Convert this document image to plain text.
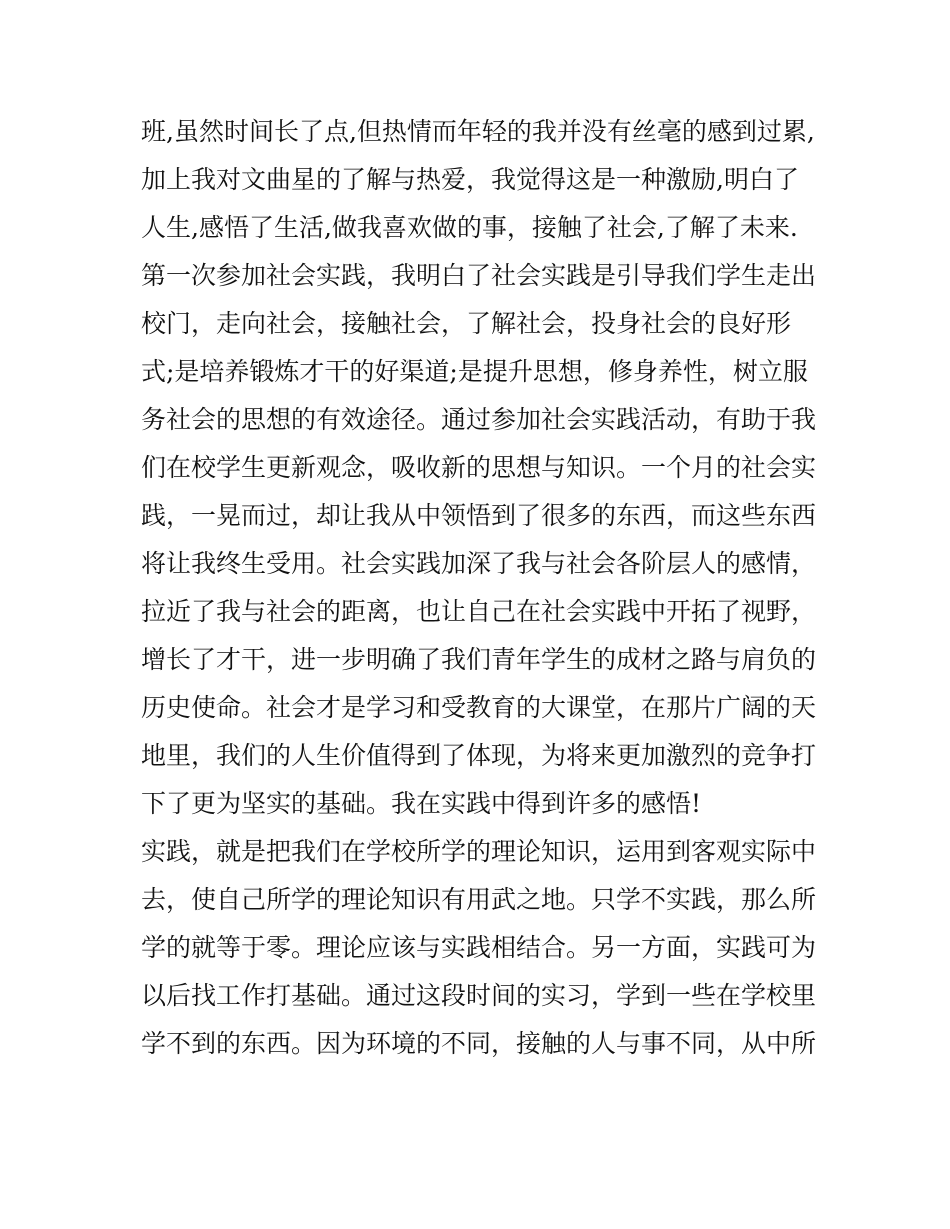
班,虽然时间长了点,但热情而年轻的我并没有丝毫的感到过累,
加上我对文曲星的了解与热爱，我觉得这是一种激励,明白了
人生,感悟了生活,做我喜欢做的事，接触了社会,了解了未来.
第一次参加社会实践，我明白了社会实践是引导我们学生走出
校门，走向社会，接触社会，了解社会，投身社会的良好形
式;是培养锻炼才干的好渠道;是提升思想，修身养性，树立服
务社会的思想的有效途径。通过参加社会实践活动，有助于我
们在校学生更新观念，吸收新的思想与知识。一个月的社会实
践，一晃而过，却让我从中领悟到了很多的东西，而这些东西
将让我终生受用。社会实践加深了我与社会各阶层人的感情，
拉近了我与社会的距离，也让自己在社会实践中开拓了视野，
增长了才干，进一步明确了我们青年学生的成材之路与肩负的
历史使命。社会才是学习和受教育的大课堂，在那片广阔的天
地里，我们的人生价值得到了体现，为将来更加激烈的竞争打
下了更为坚实的基础。我在实践中得到许多的感悟!
实践，就是把我们在学校所学的理论知识，运用到客观实际中
去，使自己所学的理论知识有用武之地。只学不实践，那么所
学的就等于零。理论应该与实践相结合。另一方面，实践可为
以后找工作打基础。通过这段时间的实习，学到一些在学校里
学不到的东西。因为环境的不同，接触的人与事不同，从中所
